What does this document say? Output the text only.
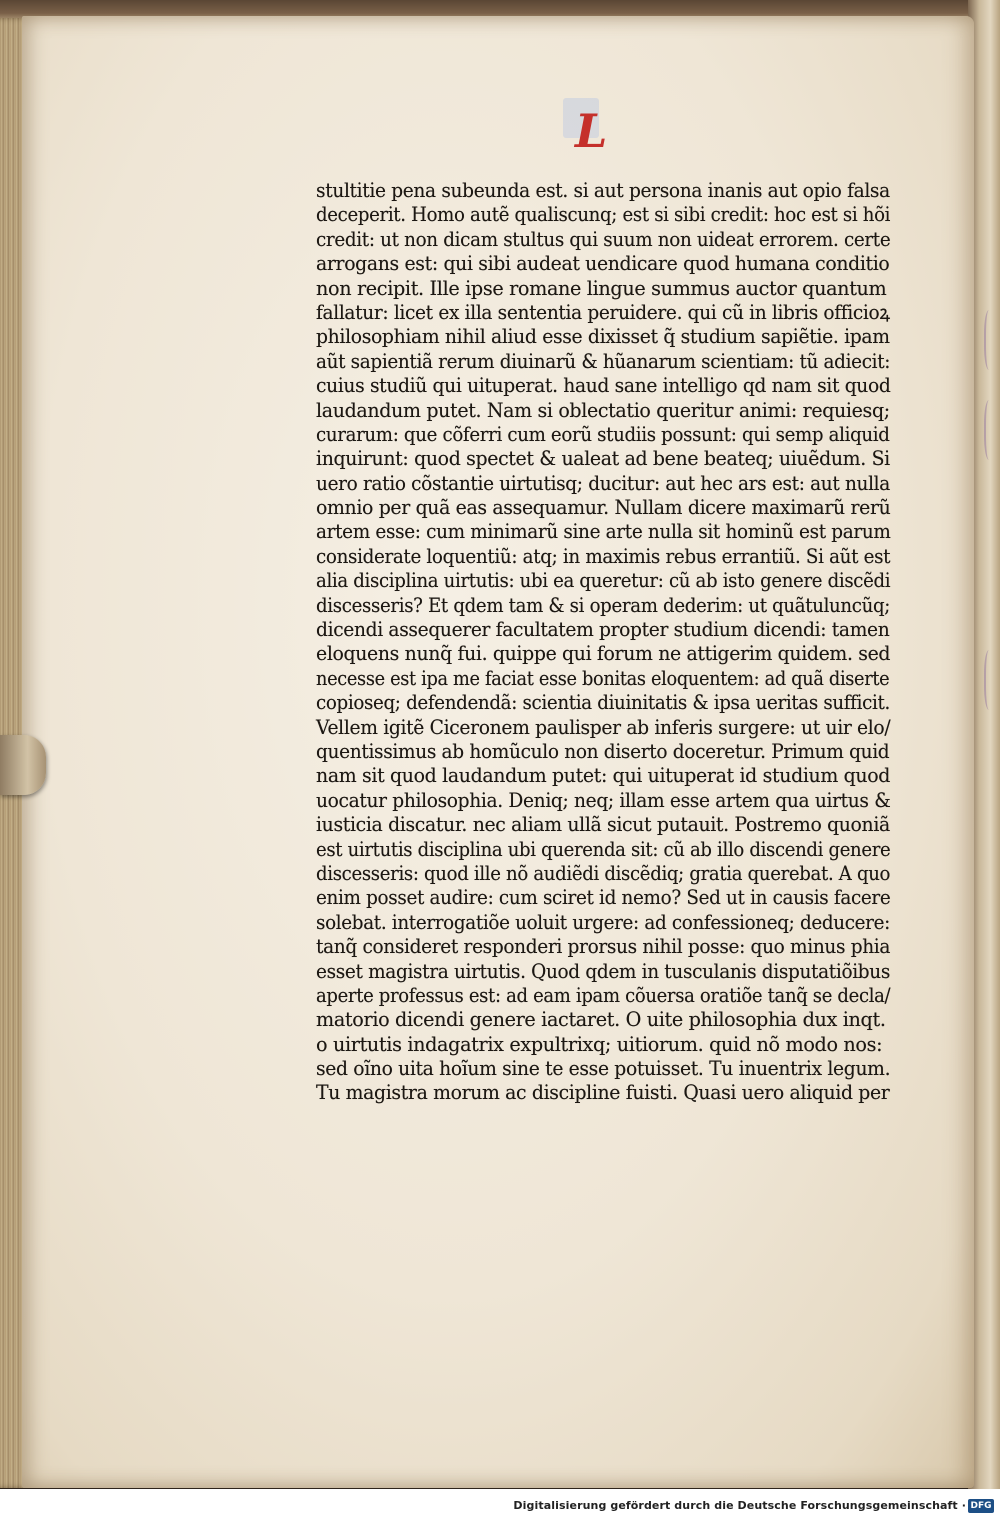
L
stultitie pena subeunda est. si aut persona inanis aut opio falsa
deceperit. Homo autẽ qualiscunq; est si sibi credit: hoc est si hõi
credit: ut non dicam stultus qui suum non uideat errorem. certe
arrogans est: qui sibi audeat uendicare quod humana conditio
non recipit. Ille ipse romane lingue summus auctor quantum
fallatur: licet ex illa sententia peruidere. qui cũ in libris officioꝝ
philosophiam nihil aliud esse dixisset q̃ studium sapiẽtie. ipam
aũt sapientiã rerum diuinarũ & hũanarum scientiam: tũ adiecit:
cuius studiũ qui uituperat. haud sane intelligo qd nam sit quod
laudandum putet. Nam si oblectatio queritur animi: requiesq;
curarum: que cõferri cum eorũ studiis possunt: qui semp aliquid
inquirunt: quod spectet & ualeat ad bene beateq; uiuẽdum. Si
uero ratio cõstantie uirtutisq; ducitur: aut hec ars est: aut nulla
omnio per quã eas assequamur. Nullam dicere maximarũ rerũ
artem esse: cum minimarũ sine arte nulla sit hominũ est parum
considerate loquentiũ: atq; in maximis rebus errantiũ. Si aũt est
alia disciplina uirtutis: ubi ea queretur: cũ ab isto genere discẽdi
discesseris? Et qdem tam & si operam dederim: ut quãtuluncũq;
dicendi assequerer facultatem propter studium dicendi: tamen
eloquens nunq̃ fui. quippe qui forum ne attigerim quidem. sed
necesse est ipa me faciat esse bonitas eloquentem: ad quã diserte
copioseq; defendendã: scientia diuinitatis & ipsa ueritas sufficit.
Vellem igitẽ Ciceronem paulisper ab inferis surgere: ut uir elo/
quentissimus ab homũculo non diserto doceretur. Primum quid
nam sit quod laudandum putet: qui uituperat id studium quod
uocatur philosophia. Deniq; neq; illam esse artem qua uirtus &
iusticia discatur. nec aliam ullã sicut putauit. Postremo quoniã
est uirtutis disciplina ubi querenda sit: cũ ab illo discendi genere
discesseris: quod ille nõ audiẽdi discẽdiq; gratia querebat. A quo
enim posset audire: cum sciret id nemo? Sed ut in causis facere
solebat. interrogatiõe uoluit urgere: ad confessioneq; deducere:
tanq̃ consideret responderi prorsus nihil posse: quo minus phia
esset magistra uirtutis. Quod qdem in tusculanis disputatiõibus
aperte professus est: ad eam ipam cõuersa oratiõe tanq̃ se decla/
matorio dicendi genere iactaret. O uite philosophia dux inqt.
o uirtutis indagatrix expultrixq; uitiorum. quid nõ modo nos:
sed oĩno uita hoĩum sine te esse potuisset. Tu inuentrix legum.
Tu magistra morum ac discipline fuisti. Quasi uero aliquid per
Digitalisierung gefördert durch die Deutsche Forschungsgemeinschaft · DFG
